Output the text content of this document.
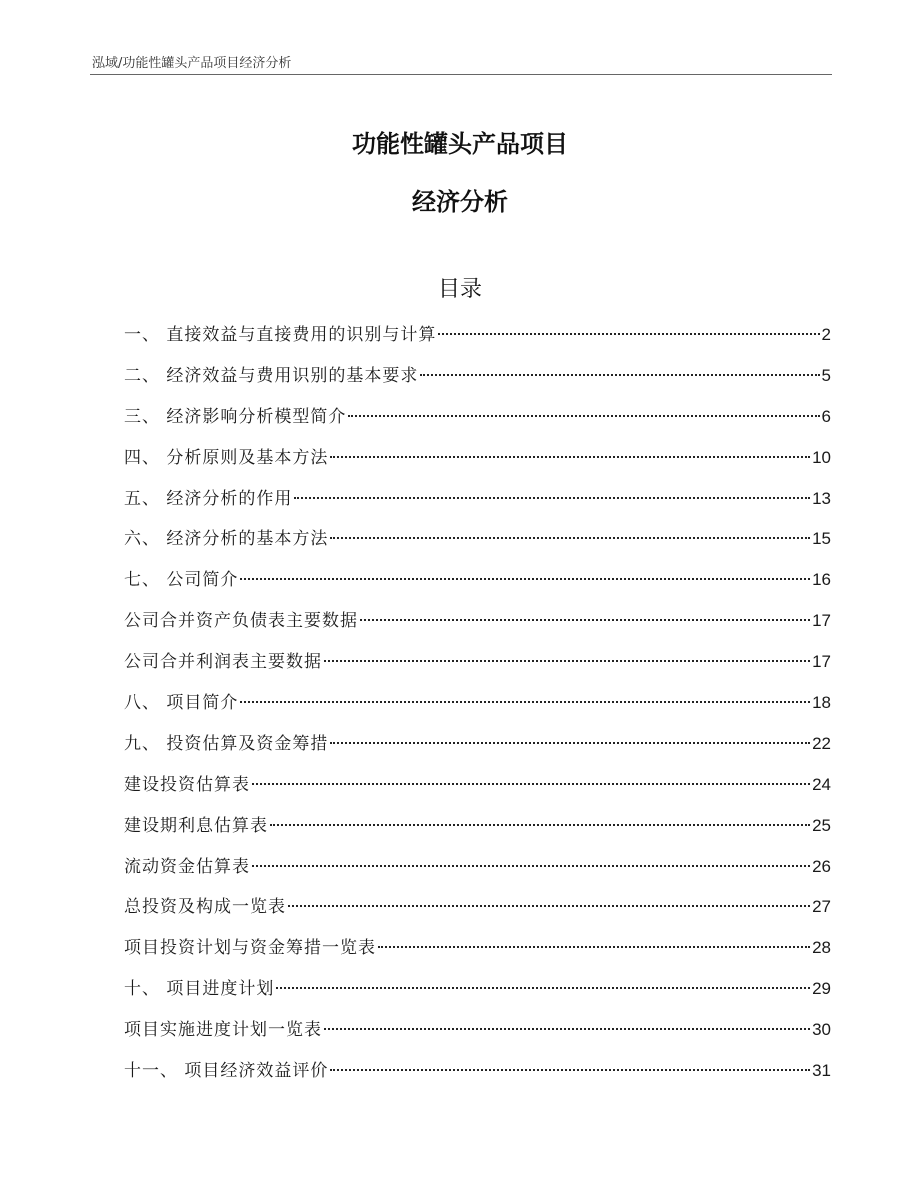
泓域/功能性罐头产品项目经济分析
功能性罐头产品项目
经济分析
目录
一、 直接效益与直接费用的识别与计算	2
二、 经济效益与费用识别的基本要求	5
三、 经济影响分析模型简介	6
四、 分析原则及基本方法	10
五、 经济分析的作用	13
六、 经济分析的基本方法	15
七、 公司简介	16
公司合并资产负债表主要数据	17
公司合并利润表主要数据	17
八、 项目简介	18
九、 投资估算及资金筹措	22
建设投资估算表	24
建设期利息估算表	25
流动资金估算表	26
总投资及构成一览表	27
项目投资计划与资金筹措一览表	28
十、 项目进度计划	29
项目实施进度计划一览表	30
十一、 项目经济效益评价	31
